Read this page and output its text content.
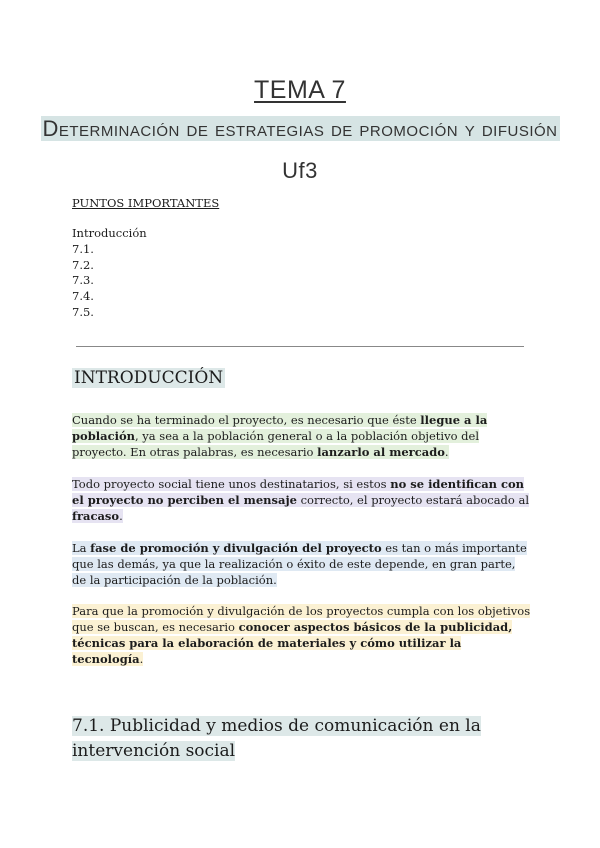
TEMA 7
Determinación de estrategias de promoción y difusión
Uf3
PUNTOS IMPORTANTES
Introducción
7.1.
7.2.
7.3.
7.4.
7.5.
INTRODUCCIÓN
Cuando se ha terminado el proyecto, es necesario que éste llegue a la población, ya sea a la población general o a la población objetivo del proyecto. En otras palabras, es necesario lanzarlo al mercado.
Todo proyecto social tiene unos destinatarios, si estos no se identifican con el proyecto no perciben el mensaje correcto, el proyecto estará abocado al fracaso.
La fase de promoción y divulgación del proyecto es tan o más importante que las demás, ya que la realización o éxito de este depende, en gran parte, de la participación de la población.
Para que la promoción y divulgación de los proyectos cumpla con los objetivos que se buscan, es necesario conocer aspectos básicos de la publicidad, técnicas para la elaboración de materiales y cómo utilizar la tecnología.
7.1. Publicidad y medios de comunicación en la intervención social
